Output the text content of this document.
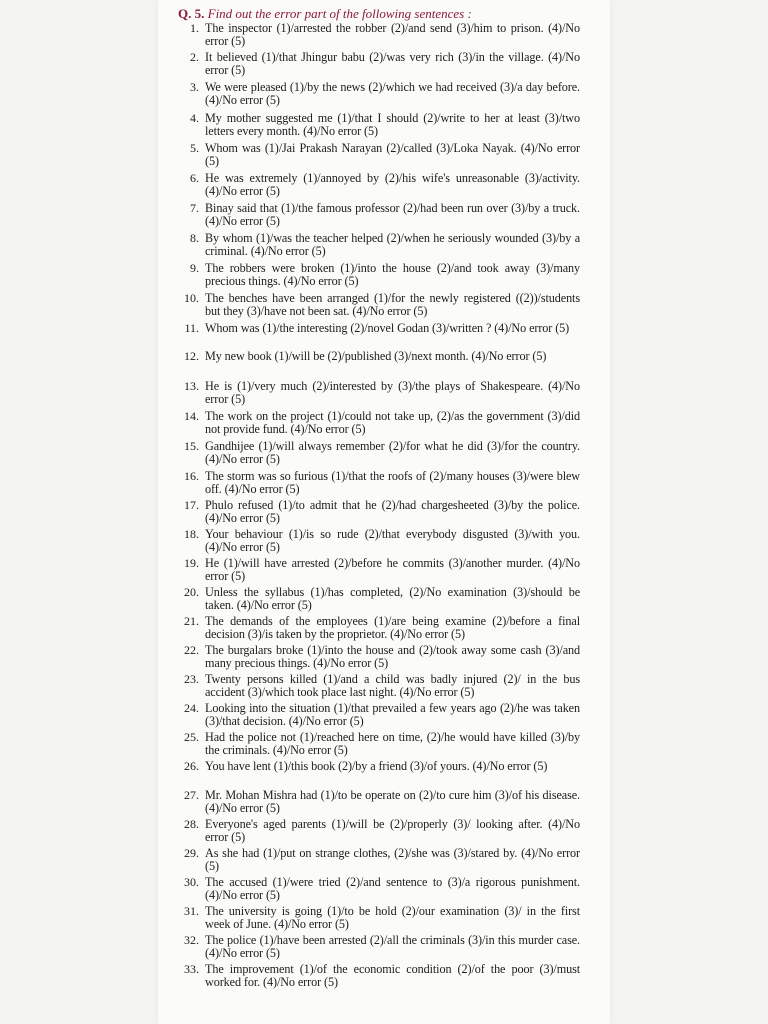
Q. 5. Find out the error part of the following sentences :
1. The inspector (1)/arrested the robber (2)/and send (3)/him to prison. (4)/No error (5)
2. It believed (1)/that Jhingur babu (2)/was very rich (3)/in the village. (4)/No error (5)
3. We were pleased (1)/by the news (2)/which we had received (3)/a day before. (4)/No error (5)
4. My mother suggested me (1)/that I should (2)/write to her at least (3)/two letters every month. (4)/No error (5)
5. Whom was (1)/Jai Prakash Narayan (2)/called (3)/Loka Nayak. (4)/No error (5)
6. He was extremely (1)/annoyed by (2)/his wife's unreasonable (3)/activity. (4)/No error (5)
7. Binay said that (1)/the famous professor (2)/had been run over (3)/by a truck. (4)/No error (5)
8. By whom (1)/was the teacher helped (2)/when he seriously wounded (3)/by a criminal. (4)/No error (5)
9. The robbers were broken (1)/into the house (2)/and took away (3)/many precious things. (4)/No error (5)
10. The benches have been arranged (1)/for the newly registered ((2))/students but they (3)/have not been sat. (4)/No error (5)
11. Whom was (1)/the interesting (2)/novel Godan (3)/written ? (4)/No error (5)
12. My new book (1)/will be (2)/published (3)/next month. (4)/No error (5)
13. He is (1)/very much (2)/interested by (3)/the plays of Shakespeare. (4)/No error (5)
14. The work on the project (1)/could not take up, (2)/as the government (3)/did not provide fund. (4)/No error (5)
15. Gandhijee (1)/will always remember (2)/for what he did (3)/for the country. (4)/No error (5)
16. The storm was so furious (1)/that the roofs of (2)/many houses (3)/were blew off. (4)/No error (5)
17. Phulo refused (1)/to admit that he (2)/had chargesheeted (3)/by the police. (4)/No error (5)
18. Your behaviour (1)/is so rude (2)/that everybody disgusted (3)/with you. (4)/No error (5)
19. He (1)/will have arrested (2)/before he commits (3)/another murder. (4)/No error (5)
20. Unless the syllabus (1)/has completed, (2)/No examination (3)/should be taken. (4)/No error (5)
21. The demands of the employees (1)/are being examine (2)/before a final decision (3)/is taken by the proprietor. (4)/No error (5)
22. The burgalars broke (1)/into the house and (2)/took away some cash (3)/and many precious things. (4)/No error (5)
23. Twenty persons killed (1)/and a child was badly injured (2)/ in the bus accident (3)/which took place last night. (4)/No error (5)
24. Looking into the situation (1)/that prevailed a few years ago (2)/he was taken (3)/that decision. (4)/No error (5)
25. Had the police not (1)/reached here on time, (2)/he would have killed (3)/by the criminals. (4)/No error (5)
26. You have lent (1)/this book (2)/by a friend (3)/of yours. (4)/No error (5)
27. Mr. Mohan Mishra had (1)/to be operate on (2)/to cure him (3)/of his disease. (4)/No error (5)
28. Everyone's aged parents (1)/will be (2)/properly (3)/ looking after. (4)/No error (5)
29. As she had (1)/put on strange clothes, (2)/she was (3)/stared by. (4)/No error (5)
30. The accused (1)/were tried (2)/and sentence to (3)/a rigorous punishment. (4)/No error (5)
31. The university is going (1)/to be hold (2)/our examination (3)/ in the first week of June. (4)/No error (5)
32. The police (1)/have been arrested (2)/all the criminals (3)/in this murder case. (4)/No error (5)
33. The improvement (1)/of the economic condition (2)/of the poor (3)/must worked for. (4)/No error (5)
